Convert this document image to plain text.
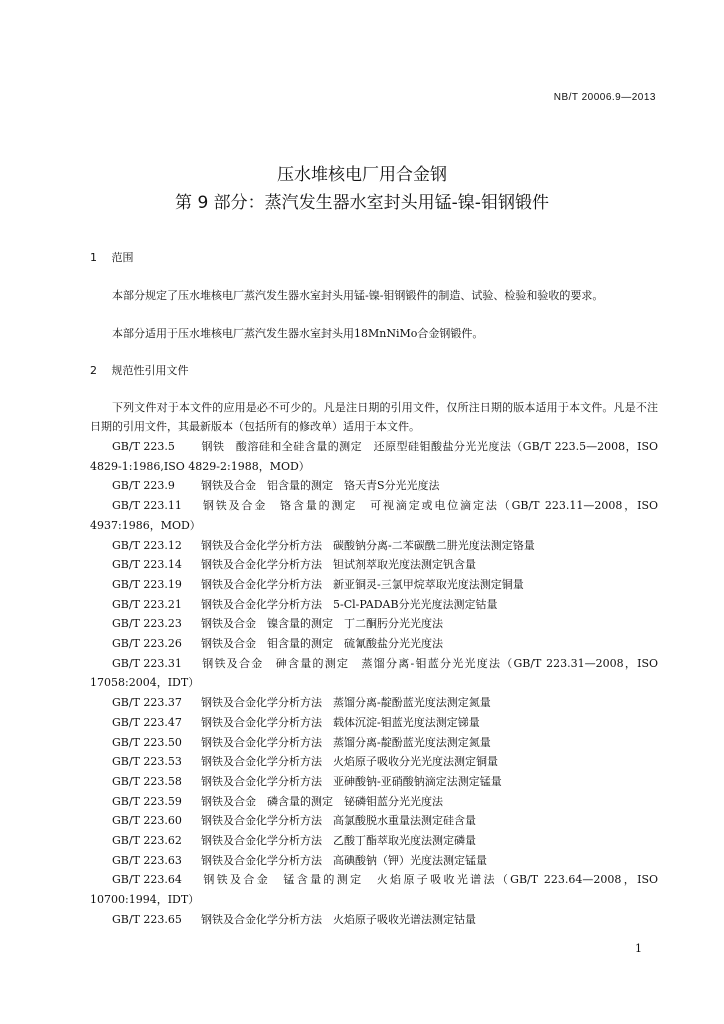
NB/T 20006.9—2013
压水堆核电厂用合金钢
第 9 部分：蒸汽发生器水室封头用锰-镍-钼钢锻件
1 范围
本部分规定了压水堆核电厂蒸汽发生器水室封头用锰-镍-钼钢锻件的制造、试验、检验和验收的要求。
本部分适用于压水堆核电厂蒸汽发生器水室封头用18MnNiMo合金钢锻件。
2 规范性引用文件
下列文件对于本文件的应用是必不可少的。凡是注日期的引用文件，仅所注日期的版本适用于本文件。凡是不注日期的引用文件，其最新版本（包括所有的修改单）适用于本文件。
GB/T 223.5 钢铁　酸溶硅和全硅含量的测定　还原型硅钼酸盐分光光度法（GB/T 223.5—2008，ISO 4829-1:1986,ISO 4829-2:1988，MOD）
GB/T 223.9 钢铁及合金　铝含量的测定　铬天青S分光光度法
GB/T 223.11 钢铁及合金　铬含量的测定　可视滴定或电位滴定法（GB/T 223.11—2008，ISO 4937:1986，MOD）
GB/T 223.12 钢铁及合金化学分析方法　碳酸钠分离-二苯碳酰二肼光度法测定铬量
GB/T 223.14 钢铁及合金化学分析方法　钽试剂萃取光度法测定钒含量
GB/T 223.19 钢铁及合金化学分析方法　新亚铜灵-三氯甲烷萃取光度法测定铜量
GB/T 223.21 钢铁及合金化学分析方法　5-Cl-PADAB分光光度法测定钴量
GB/T 223.23 钢铁及合金　镍含量的测定　丁二酮肟分光光度法
GB/T 223.26 钢铁及合金　钼含量的测定　硫氰酸盐分光光度法
GB/T 223.31 钢铁及合金　砷含量的测定　蒸馏分离-钼蓝分光光度法（GB/T 223.31—2008，ISO 17058:2004，IDT）
GB/T 223.37 钢铁及合金化学分析方法　蒸馏分离-靛酚蓝光度法测定氮量
GB/T 223.47 钢铁及合金化学分析方法　载体沉淀-钼蓝光度法测定锑量
GB/T 223.50 钢铁及合金化学分析方法　蒸馏分离-靛酚蓝光度法测定氮量
GB/T 223.53 钢铁及合金化学分析方法　火焰原子吸收分光光度法测定铜量
GB/T 223.58 钢铁及合金化学分析方法　亚砷酸钠-亚硝酸钠滴定法测定锰量
GB/T 223.59 钢铁及合金　磷含量的测定　铋磷钼蓝分光光度法
GB/T 223.60 钢铁及合金化学分析方法　高氯酸脱水重量法测定硅含量
GB/T 223.62 钢铁及合金化学分析方法　乙酸丁酯萃取光度法测定磷量
GB/T 223.63 钢铁及合金化学分析方法　高碘酸钠（钾）光度法测定锰量
GB/T 223.64 钢铁及合金　锰含量的测定　火焰原子吸收光谱法（GB/T 223.64—2008，ISO 10700:1994，IDT）
GB/T 223.65 钢铁及合金化学分析方法　火焰原子吸收光谱法测定钴量
1
